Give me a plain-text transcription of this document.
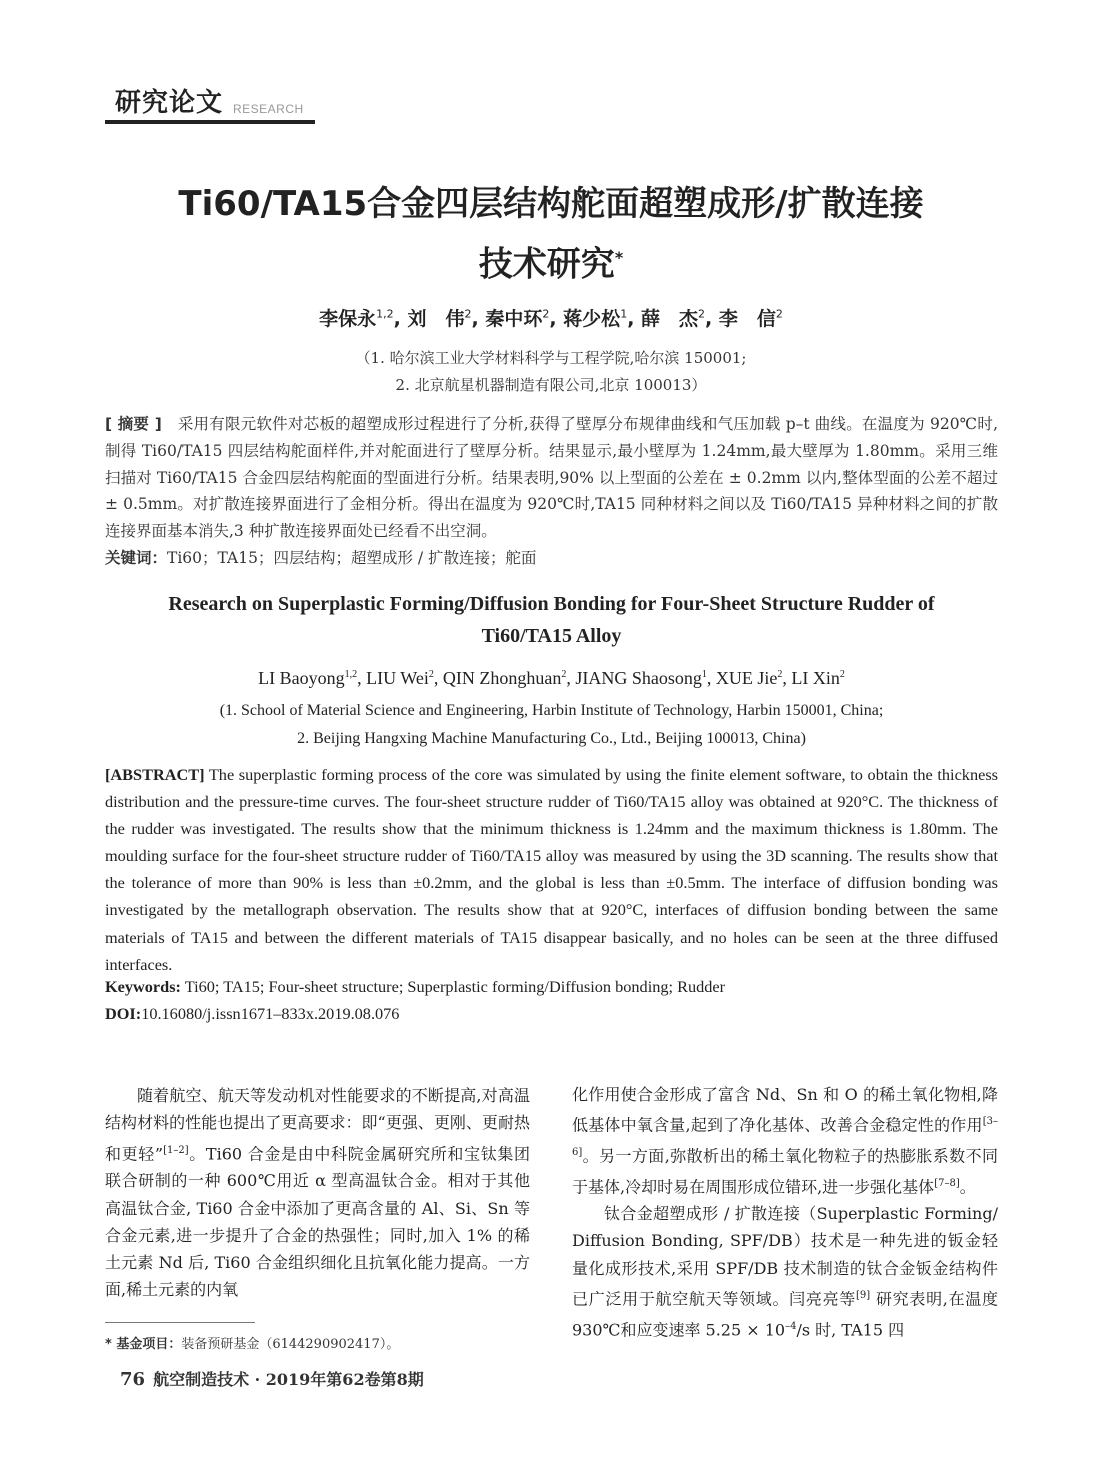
研究论文 RESEARCH
Ti60/TA15合金四层结构舵面超塑成形/扩散连接
技术研究*
李保永$^{1,2}$, 刘　伟$^2$, 秦中环$^2$, 蒋少松$^1$, 薛　杰$^2$, 李　信$^2$
（1. 哈尔滨工业大学材料科学与工程学院,哈尔滨 150001;
2. 北京航星机器制造有限公司,北京 100013）
[ 摘要 ]　采用有限元软件对芯板的超塑成形过程进行了分析,获得了壁厚分布规律曲线和气压加载 p–t 曲线。在温度为 920℃时,制得 Ti60/TA15 四层结构舵面样件,并对舵面进行了壁厚分析。结果显示,最小壁厚为 1.24mm,最大壁厚为 1.80mm。采用三维扫描对 Ti60/TA15 合金四层结构舵面的型面进行分析。结果表明,90% 以上型面的公差在 ± 0.2mm 以内,整体型面的公差不超过 ± 0.5mm。对扩散连接界面进行了金相分析。得出在温度为 920℃时,TA15 同种材料之间以及 Ti60/TA15 异种材料之间的扩散连接界面基本消失,3 种扩散连接界面处已经看不出空洞。
关键词：Ti60；TA15；四层结构；超塑成形 / 扩散连接；舵面
Research on Superplastic Forming/Diffusion Bonding for Four-Sheet Structure Rudder of
Ti60/TA15 Alloy
LI Baoyong$^{1,2}$, LIU Wei$^2$, QIN Zhonghuan$^2$, JIANG Shaosong$^1$, XUE Jie$^2$, LI Xin$^2$
(1. School of Material Science and Engineering, Harbin Institute of Technology, Harbin 150001, China;
2. Beijing Hangxing Machine Manufacturing Co., Ltd., Beijing 100013, China)
[ABSTRACT] The superplastic forming process of the core was simulated by using the finite element software, to obtain the thickness distribution and the pressure-time curves. The four-sheet structure rudder of Ti60/TA15 alloy was obtained at 920°C. The thickness of the rudder was investigated. The results show that the minimum thickness is 1.24mm and the maximum thickness is 1.80mm. The moulding surface for the four-sheet structure rudder of Ti60/TA15 alloy was measured by using the 3D scanning. The results show that the tolerance of more than 90% is less than ±0.2mm, and the global is less than ±0.5mm. The interface of diffusion bonding was investigated by the metallograph observation. The results show that at 920°C, interfaces of diffusion bonding between the same materials of TA15 and between the different materials of TA15 disappear basically, and no holes can be seen at the three diffused interfaces.
Keywords: Ti60; TA15; Four-sheet structure; Superplastic forming/Diffusion bonding; Rudder
DOI:10.16080/j.issn1671–833x.2019.08.076

随着航空、航天等发动机对性能要求的不断提高,对高温结构材料的性能也提出了更高要求：即“更强、更刚、更耐热和更轻”[1–2]。Ti60 合金是由中科院金属研究所和宝钛集团联合研制的一种 600℃用近 α 型高温钛合金。相对于其他高温钛合金, Ti60 合金中添加了更高含量的 Al、Si、Sn 等合金元素,进一步提升了合金的热强性；同时,加入 1% 的稀土元素 Nd 后, Ti60 合金组织细化且抗氧化能力提高。一方面,稀土元素的内氧

化作用使合金形成了富含 Nd、Sn 和 O 的稀土氧化物相,降低基体中氧含量,起到了净化基体、改善合金稳定性的作用[3–6]。另一方面,弥散析出的稀土氧化物粒子的热膨胀系数不同于基体,冷却时易在周围形成位错环,进一步强化基体[7–8]。

钛合金超塑成形 / 扩散连接（Superplastic Forming/ Diffusion Bonding, SPF/DB）技术是一种先进的钣金轻量化成形技术,采用 SPF/DB 技术制造的钛合金钣金结构件已广泛用于航空航天等领域。闫亮亮等[9] 研究表明,在温度 930℃和应变速率 $5.25 \times 10^{-4}/s$ 时, TA15 四

* 基金项目：装备预研基金（6144290902417）。
76 航空制造技术 · 2019年第62卷第8期
